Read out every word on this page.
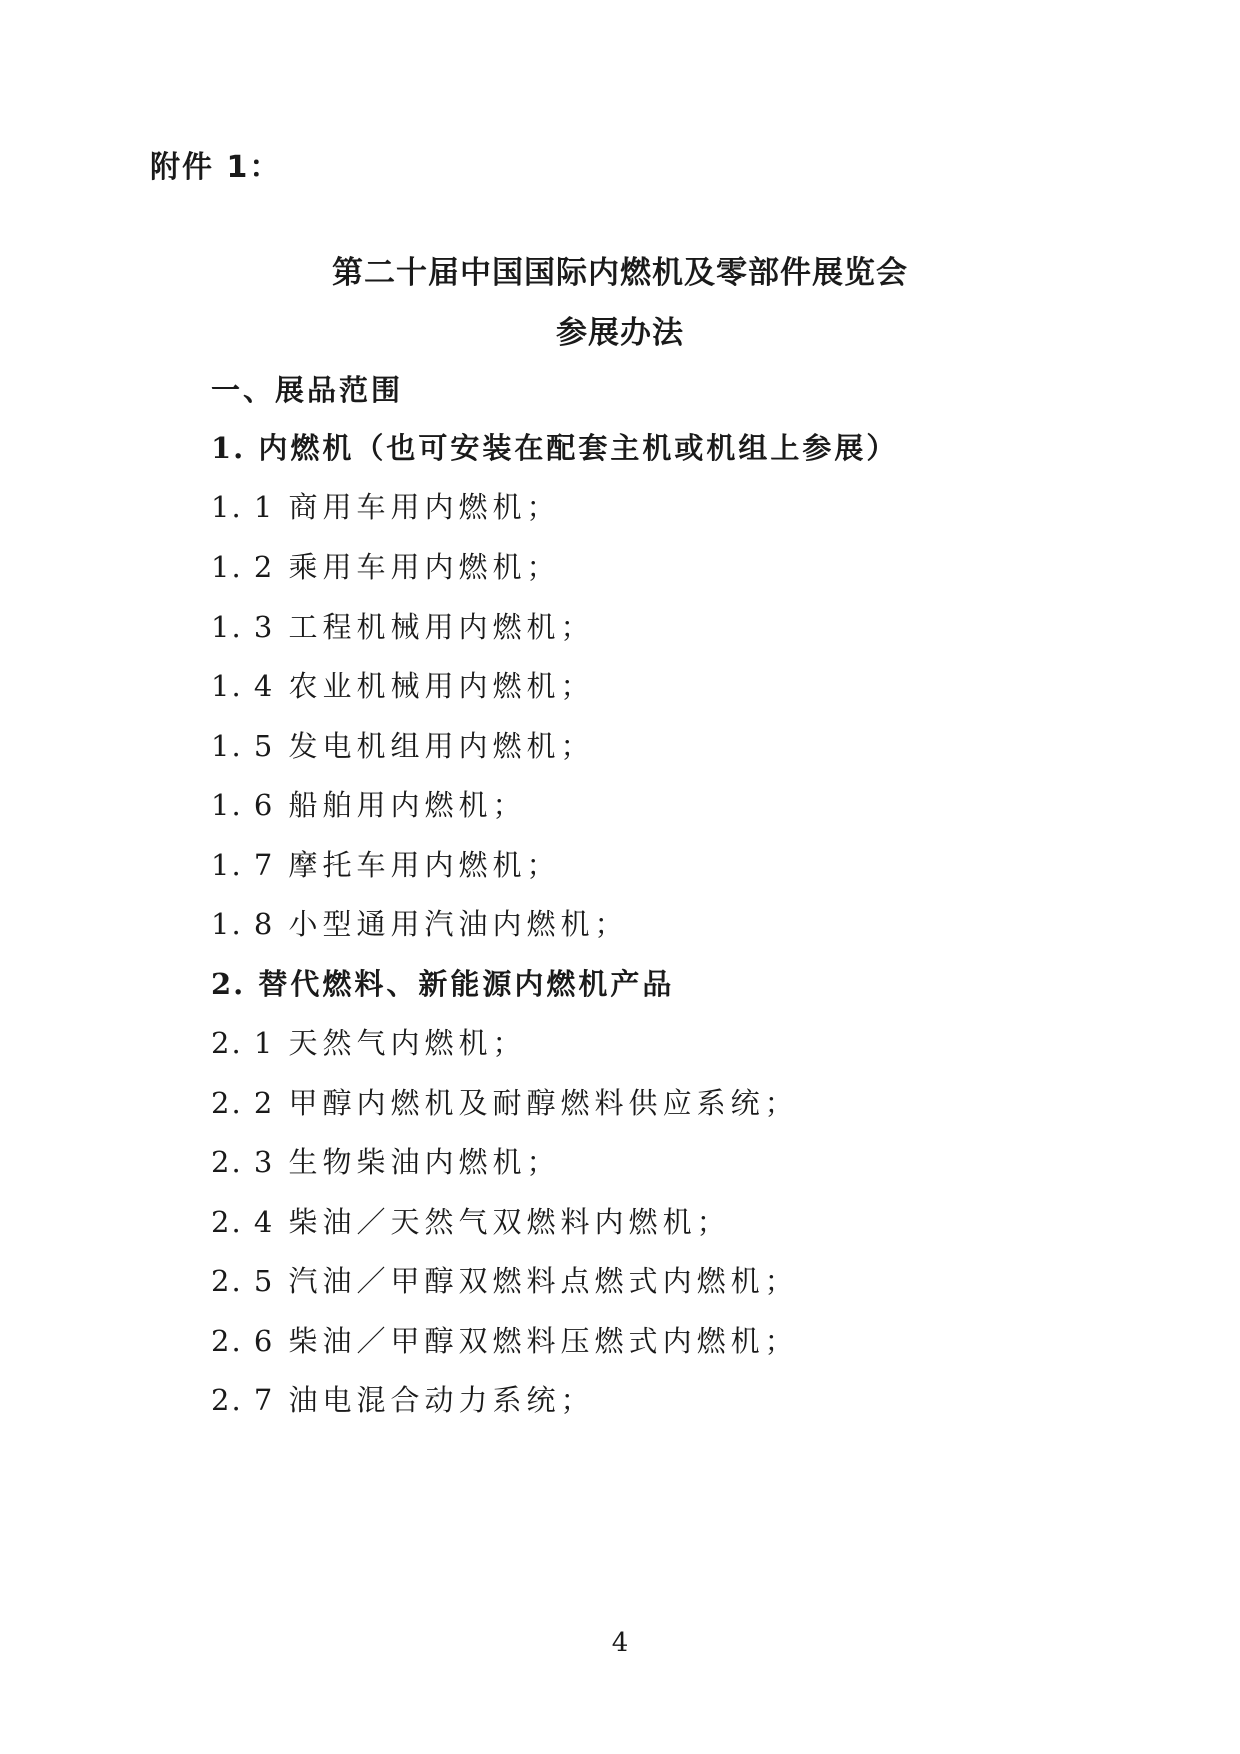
附件 1：
第二十届中国国际内燃机及零部件展览会
参展办法
一、展品范围
1. 内燃机（也可安装在配套主机或机组上参展）
1. 1 商用车用内燃机；
1. 2 乘用车用内燃机；
1. 3 工程机械用内燃机；
1. 4 农业机械用内燃机；
1. 5 发电机组用内燃机；
1. 6 船舶用内燃机；
1. 7 摩托车用内燃机；
1. 8 小型通用汽油内燃机；
2. 替代燃料、新能源内燃机产品
2. 1 天然气内燃机；
2. 2 甲醇内燃机及耐醇燃料供应系统；
2. 3 生物柴油内燃机；
2. 4 柴油／天然气双燃料内燃机；
2. 5 汽油／甲醇双燃料点燃式内燃机；
2. 6 柴油／甲醇双燃料压燃式内燃机；
2. 7 油电混合动力系统；
4
